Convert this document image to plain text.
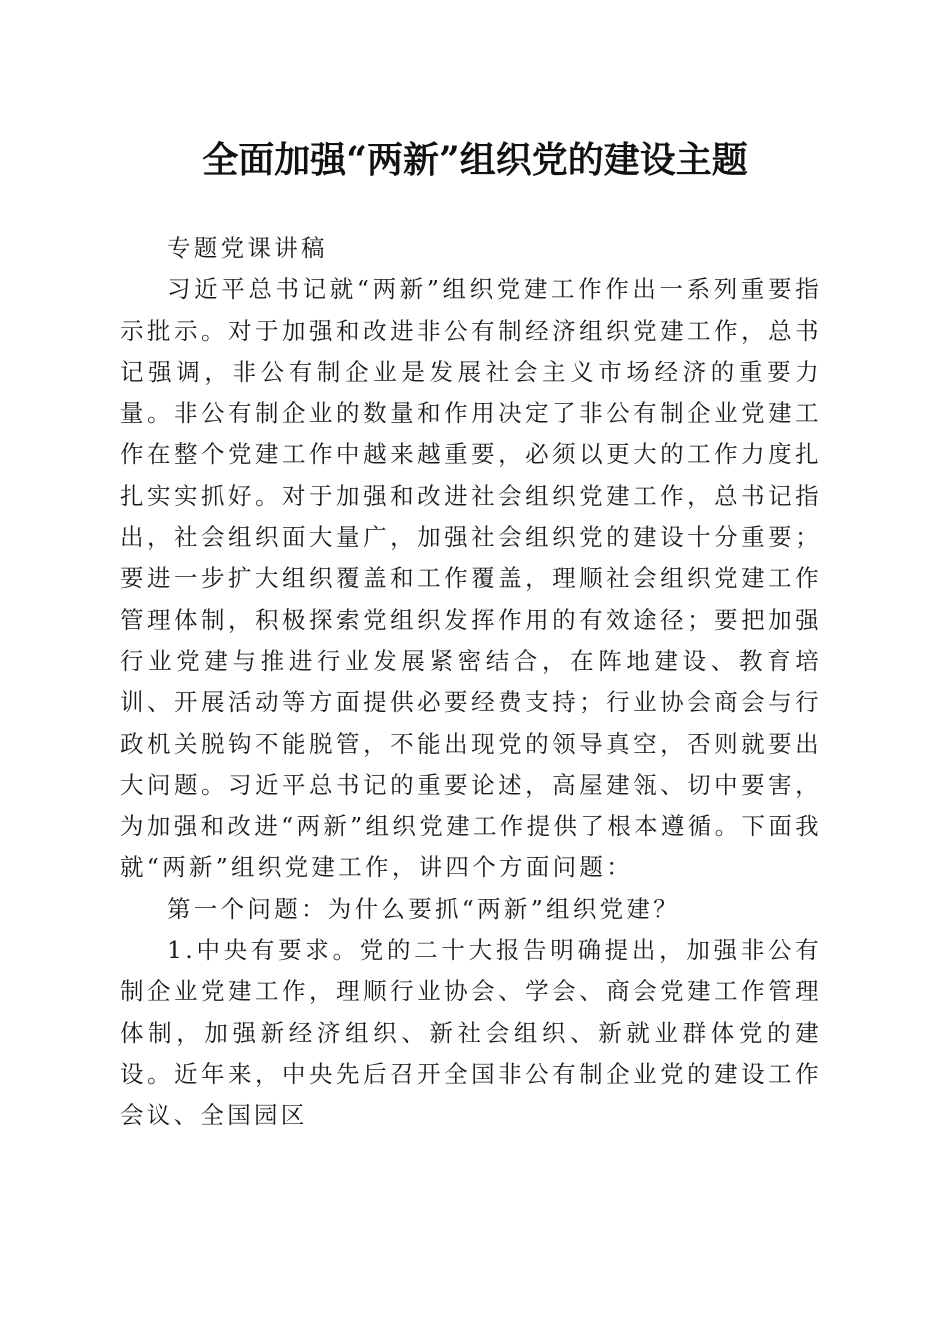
全面加强“两新”组织党的建设主题

专题党课讲稿

习近平总书记就“两新”组织党建工作作出一系列重要指示批示。对于加强和改进非公有制经济组织党建工作，总书记强调，非公有制企业是发展社会主义市场经济的重要力量。非公有制企业的数量和作用决定了非公有制企业党建工作在整个党建工作中越来越重要，必须以更大的工作力度扎扎实实抓好。对于加强和改进社会组织党建工作，总书记指出，社会组织面大量广，加强社会组织党的建设十分重要；要进一步扩大组织覆盖和工作覆盖，理顺社会组织党建工作管理体制，积极探索党组织发挥作用的有效途径；要把加强行业党建与推进行业发展紧密结合，在阵地建设、教育培训、开展活动等方面提供必要经费支持；行业协会商会与行政机关脱钩不能脱管，不能出现党的领导真空，否则就要出大问题。习近平总书记的重要论述，高屋建瓴、切中要害，为加强和改进“两新”组织党建工作提供了根本遵循。下面我就“两新”组织党建工作，讲四个方面问题：

第一个问题：为什么要抓“两新”组织党建？

1.中央有要求。党的二十大报告明确提出，加强非公有制企业党建工作，理顺行业协会、学会、商会党建工作管理体制，加强新经济组织、新社会组织、新就业群体党的建设。近年来，中央先后召开全国非公有制企业党的建设工作会议、全国园区
